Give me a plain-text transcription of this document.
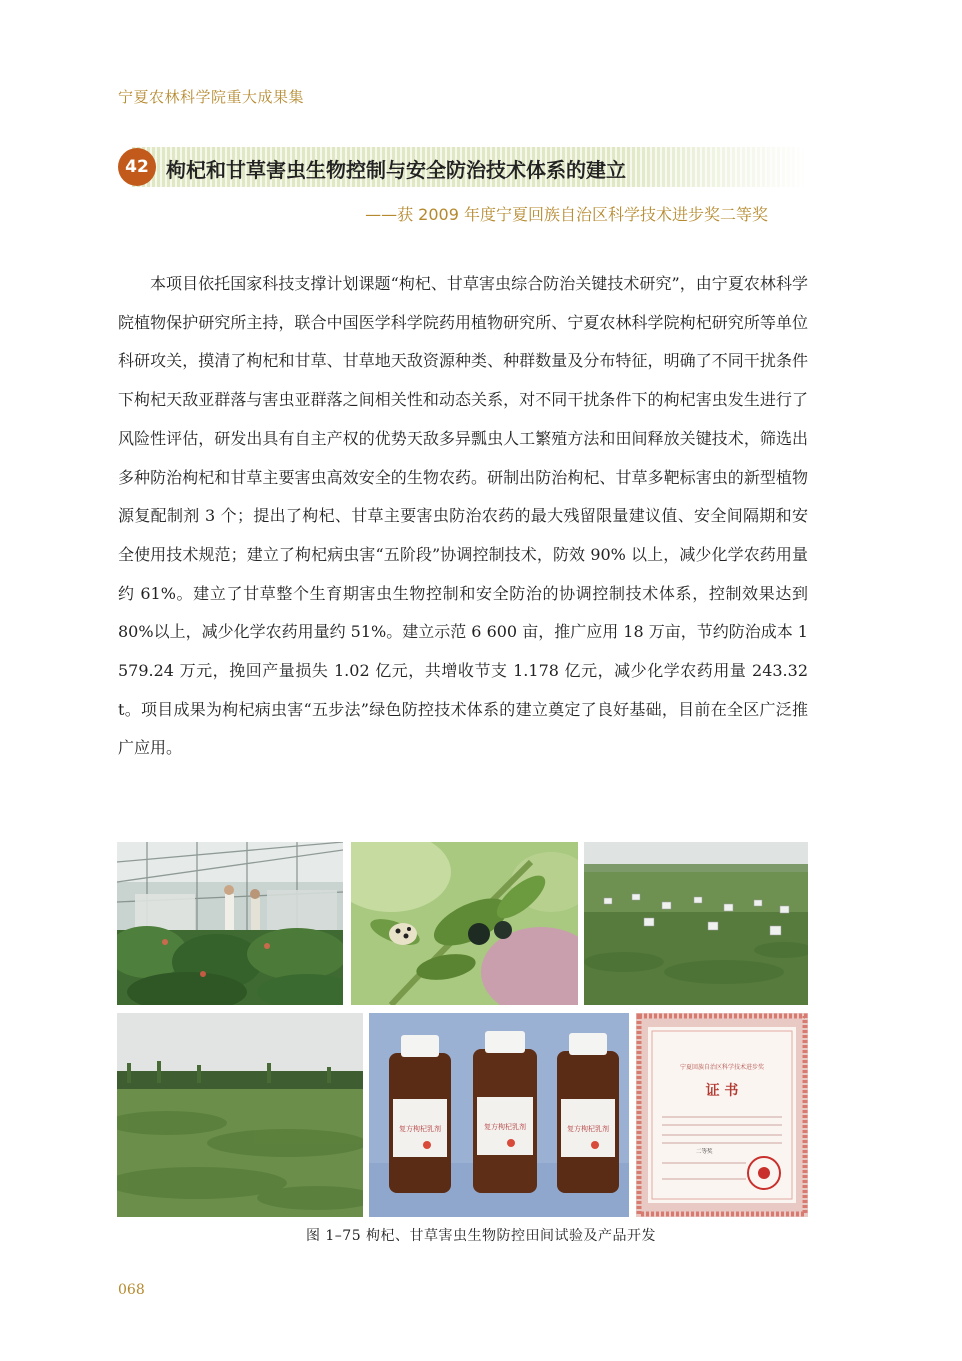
宁夏农林科学院重大成果集
42 枸杞和甘草害虫生物控制与安全防治技术体系的建立
——获 2009 年度宁夏回族自治区科学技术进步奖二等奖

本项目依托国家科技支撑计划课题“枸杞、甘草害虫综合防治关键技术研究”，由宁夏农林科学院植物保护研究所主持，联合中国医学科学院药用植物研究所、宁夏农林科学院枸杞研究所等单位科研攻关，摸清了枸杞和甘草、甘草地天敌资源种类、种群数量及分布特征，明确了不同干扰条件下枸杞天敌亚群落与害虫亚群落之间相关性和动态关系，对不同干扰条件下的枸杞害虫发生进行了风险性评估，研发出具有自主产权的优势天敌多异瓢虫人工繁殖方法和田间释放关键技术，筛选出多种防治枸杞和甘草主要害虫高效安全的生物农药。研制出防治枸杞、甘草多靶标害虫的新型植物源复配制剂 3 个；提出了枸杞、甘草主要害虫防治农药的最大残留限量建议值、安全间隔期和安全使用技术规范；建立了枸杞病虫害“五阶段”协调控制技术，防效 90% 以上，减少化学农药用量约 61%。建立了甘草整个生育期害虫生物控制和安全防治的协调控制技术体系，控制效果达到 80%以上，减少化学农药用量约 51%。建立示范 6 600 亩，推广应用 18 万亩，节约防治成本 1 579.24 万元，挽回产量损失 1.02 亿元，共增收节支 1.178 亿元，减少化学农药用量 243.32 t。项目成果为枸杞病虫害“五步法”绿色防控技术体系的建立奠定了良好基础，目前在全区广泛推广应用。

复方枸杞乳剂	复方枸杞乳剂	复方枸杞乳剂
宁夏回族自治区科学技术进步奖
证 书
二等奖
图 1–75 枸杞、甘草害虫生物防控田间试验及产品开发
068
